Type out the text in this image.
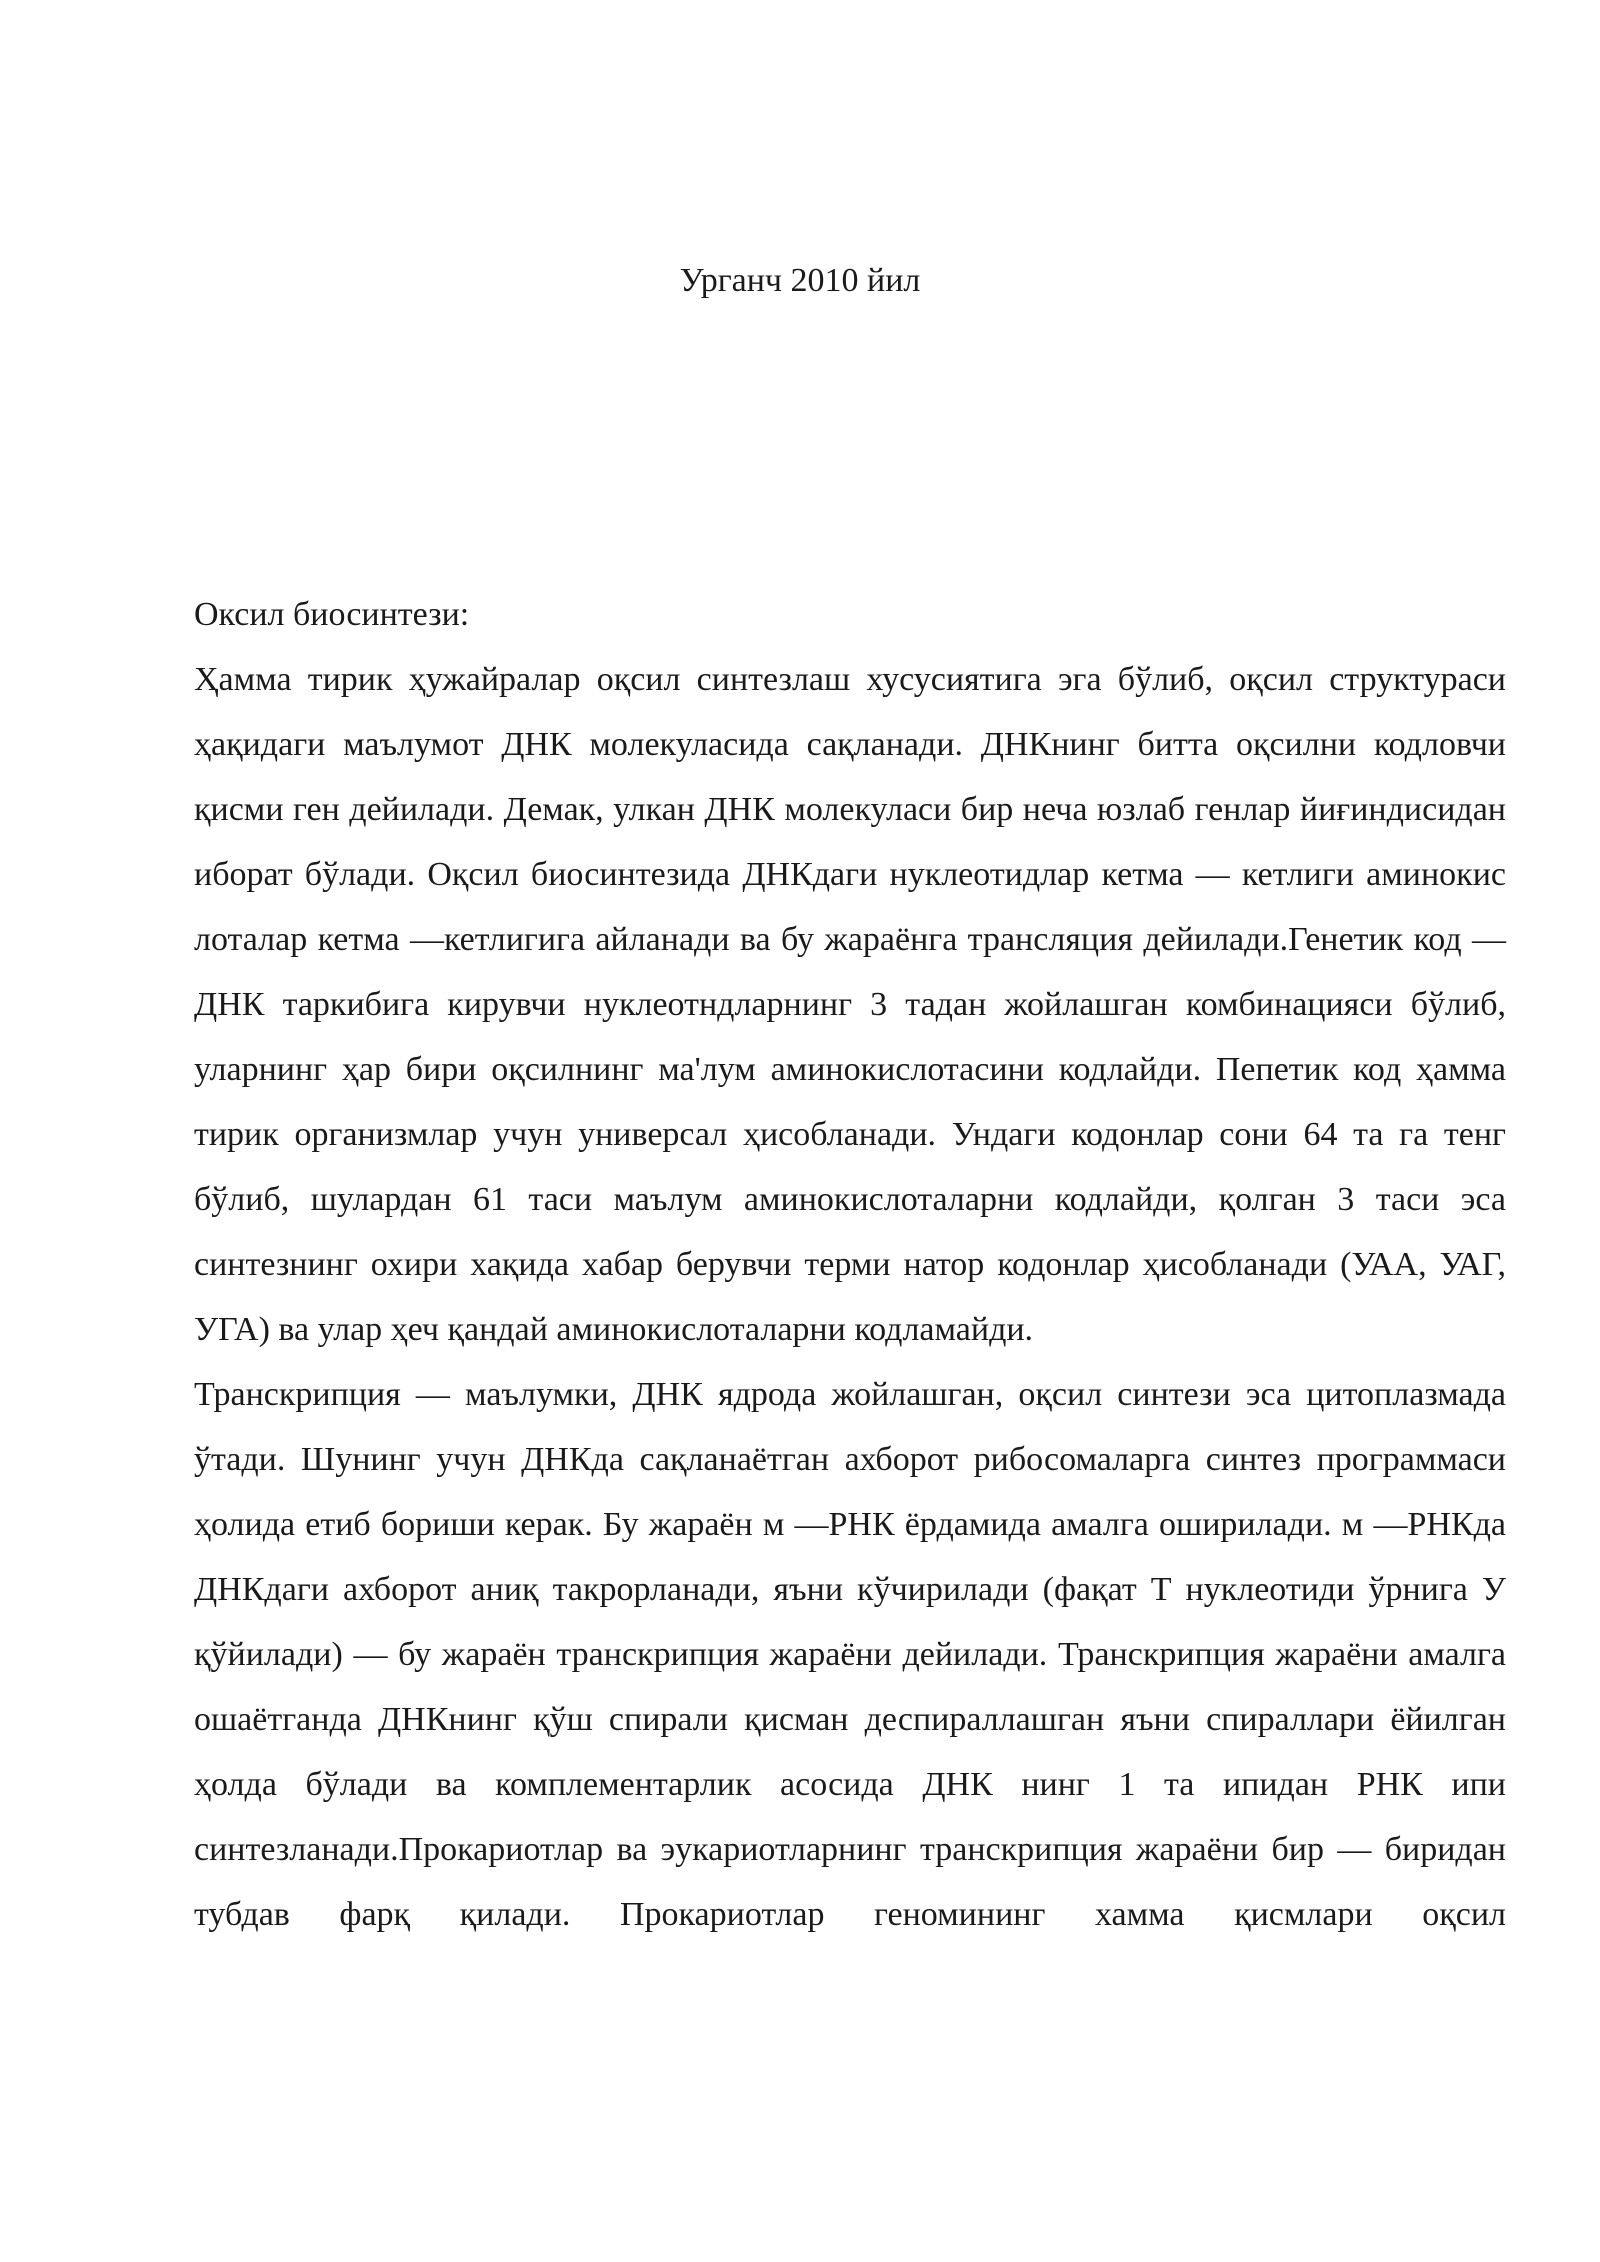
Урганч 2010 йил

Оксил биосинтези:

Ҳамма тирик ҳужайралар оқсил синтезлаш хусусиятига эга бўлиб, оқсил структураси ҳақидаги маълумот ДНК молекуласида сақланади. ДНКнинг битта оқсилни кодловчи қисми ген дейилади. Демак, улкан ДНК молекуласи бир неча юзлаб генлар йиғиндисидан иборат бўлади. Оқсил биосинтезида ДНКдаги нуклеотидлар кетма — кетлиги аминокис лоталар кетма —кетлигига айланади ва бу жараёнга трансляция дейилади.Генетик код — ДНК таркибига кирувчи нуклеотндларнинг 3 тадан жойлашган комбинацияси бўлиб, уларнинг ҳар бири оқсилнинг ма'лум аминокислотасини кодлайди. Пепетик код ҳамма тирик организмлар учун универсал ҳисобланади. Ундаги кодонлар сони 64 та га тенг бўлиб, шулардан 61 таси маълум аминокислоталарни кодлайди, қолган 3 таси эса синтезнинг охири хақида хабар берувчи терми натор кодонлар ҳисобланади (УАА, УАГ, УГА) ва улар ҳеч қандай аминокислоталарни кодламайди.

Транскрипция — маълумки, ДНК ядрода жойлашган, оқсил синтези эса цитоплазмада ўтади. Шунинг учун ДНКда сақланаётган ахборот рибосомаларга синтез программаси ҳолида етиб бориши керак. Бу жараён м —РНК ёрдамида амалга оширилади. м —РНКда ДНКдаги ахборот аниқ такрорланади, яъни кўчирилади (фақат Т нуклеотиди ўрнига У қўйилади) — бу жараён транскрипция жараёни дейилади. Транскрипция жараёни амалга ошаётганда ДНКнинг қўш спирали қисман деспираллашган яъни спираллари ёйилган ҳолда бўлади ва комплементарлик асосида ДНК нинг 1 та ипидан РНК ипи синтезланади.Прокариотлар ва эукариотларнинг транскрипция жараёни бир — биридан тубдав фарқ қилади. Прокариотлар геномининг хамма қисмлари оқсил
